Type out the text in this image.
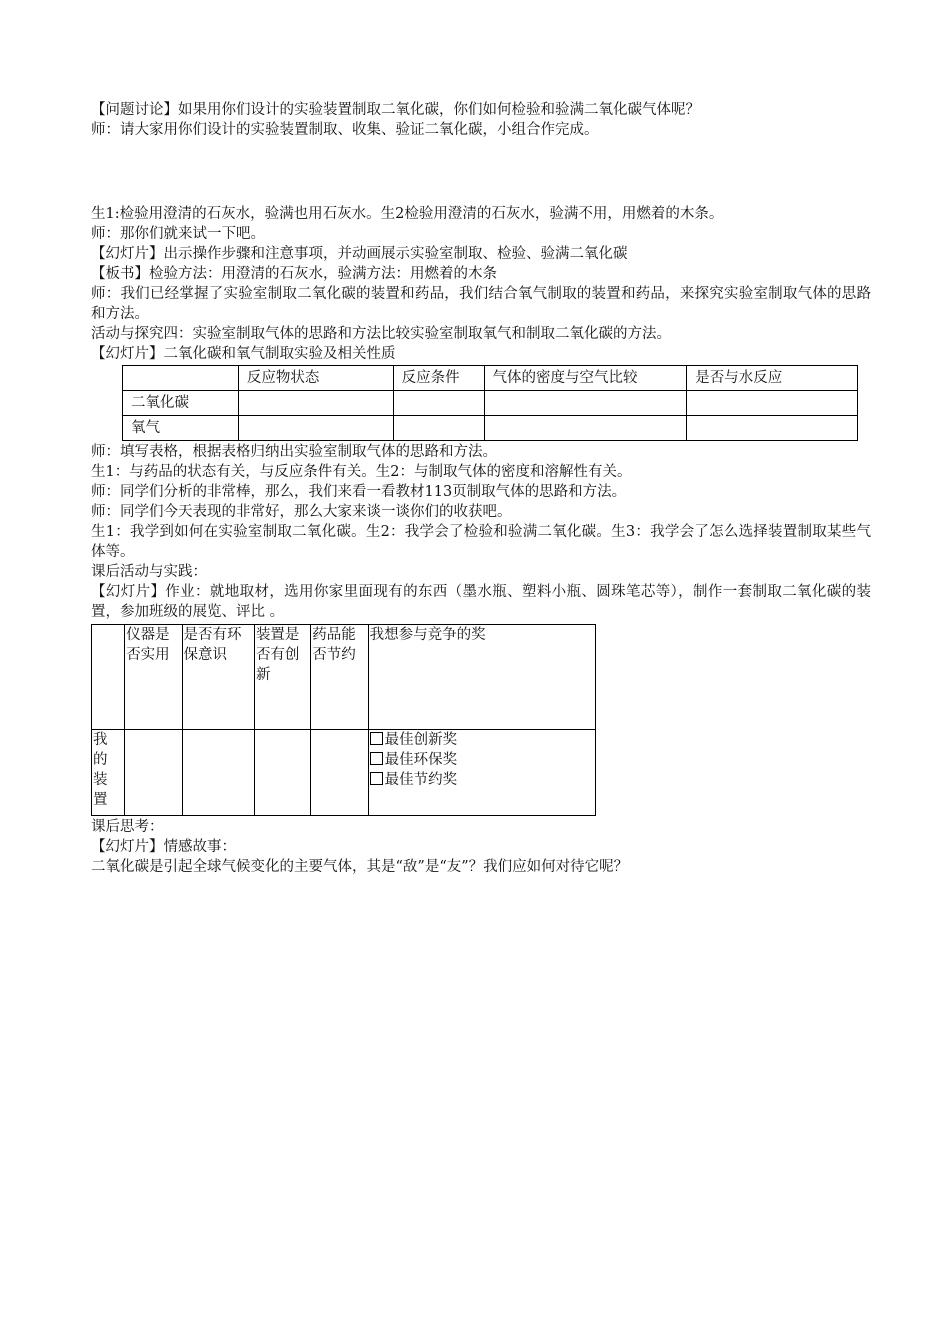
【问题讨论】如果用你们设计的实验装置制取二氧化碳，你们如何检验和验满二氧化碳气体呢？

师：请大家用你们设计的实验装置制取、收集、验证二氧化碳，小组合作完成。

生1:检验用澄清的石灰水，验满也用石灰水。生2检验用澄清的石灰水，验满不用，用燃着的木条。

师：那你们就来试一下吧。

【幻灯片】出示操作步骤和注意事项，并动画展示实验室制取、检验、验满二氧化碳

【板书】检验方法：用澄清的石灰水，验满方法：用燃着的木条

师：我们已经掌握了实验室制取二氧化碳的装置和药品，我们结合氧气制取的装置和药品，来探究实验室制取气体的思路和方法。

活动与探究四：实验室制取气体的思路和方法比较实验室制取氧气和制取二氧化碳的方法。

【幻灯片】二氧化碳和氧气制取实验及相关性质

	反应物状态	反应条件	气体的密度与空气比较	是否与水反应
二氧化碳				
氧气				

师：填写表格，根据表格归纳出实验室制取气体的思路和方法。

生1：与药品的状态有关，与反应条件有关。生2：与制取气体的密度和溶解性有关。

师：同学们分析的非常棒，那么，我们来看一看教材113页制取气体的思路和方法。

师：同学们今天表现的非常好，那么大家来谈一谈你们的收获吧。

生1：我学到如何在实验室制取二氧化碳。生2：我学会了检验和验满二氧化碳。生3：我学会了怎么选择装置制取某些气体等。

课后活动与实践：

【幻灯片】作业：就地取材，选用你家里面现有的东西（墨水瓶、塑料小瓶、圆珠笔芯等），制作一套制取二氧化碳的装置，参加班级的展览、评比 。

	仪器是否实用	是否有环保意识	装置是否有创新	药品能否节约	我想参与竞争的奖

我的装置					最佳创新奖
最佳环保奖
最佳节约奖

课后思考：

【幻灯片】情感故事：

二氧化碳是引起全球气候变化的主要气体，其是“敌”是“友”？我们应如何对待它呢？
